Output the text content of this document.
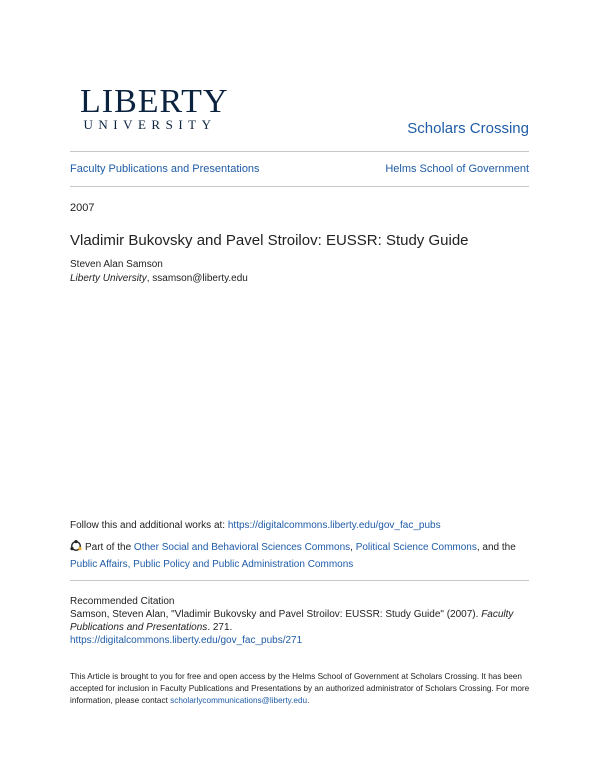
LIBERTY
UNIVERSITY	Scholars Crossing
Faculty Publications and Presentations	Helms School of Government
2007
Vladimir Bukovsky and Pavel Stroilov: EUSSR: Study Guide
Steven Alan Samson
Liberty University, ssamson@liberty.edu
Follow this and additional works at: https://digitalcommons.liberty.edu/gov_fac_pubs
Part of the Other Social and Behavioral Sciences Commons, Political Science Commons, and the
Public Affairs, Public Policy and Public Administration Commons
Recommended Citation
Samson, Steven Alan, "Vladimir Bukovsky and Pavel Stroilov: EUSSR: Study Guide" (2007). Faculty Publications and Presentations. 271.
https://digitalcommons.liberty.edu/gov_fac_pubs/271
This Article is brought to you for free and open access by the Helms School of Government at Scholars Crossing. It has been accepted for inclusion in Faculty Publications and Presentations by an authorized administrator of Scholars Crossing. For more information, please contact scholarlycommunications@liberty.edu.
